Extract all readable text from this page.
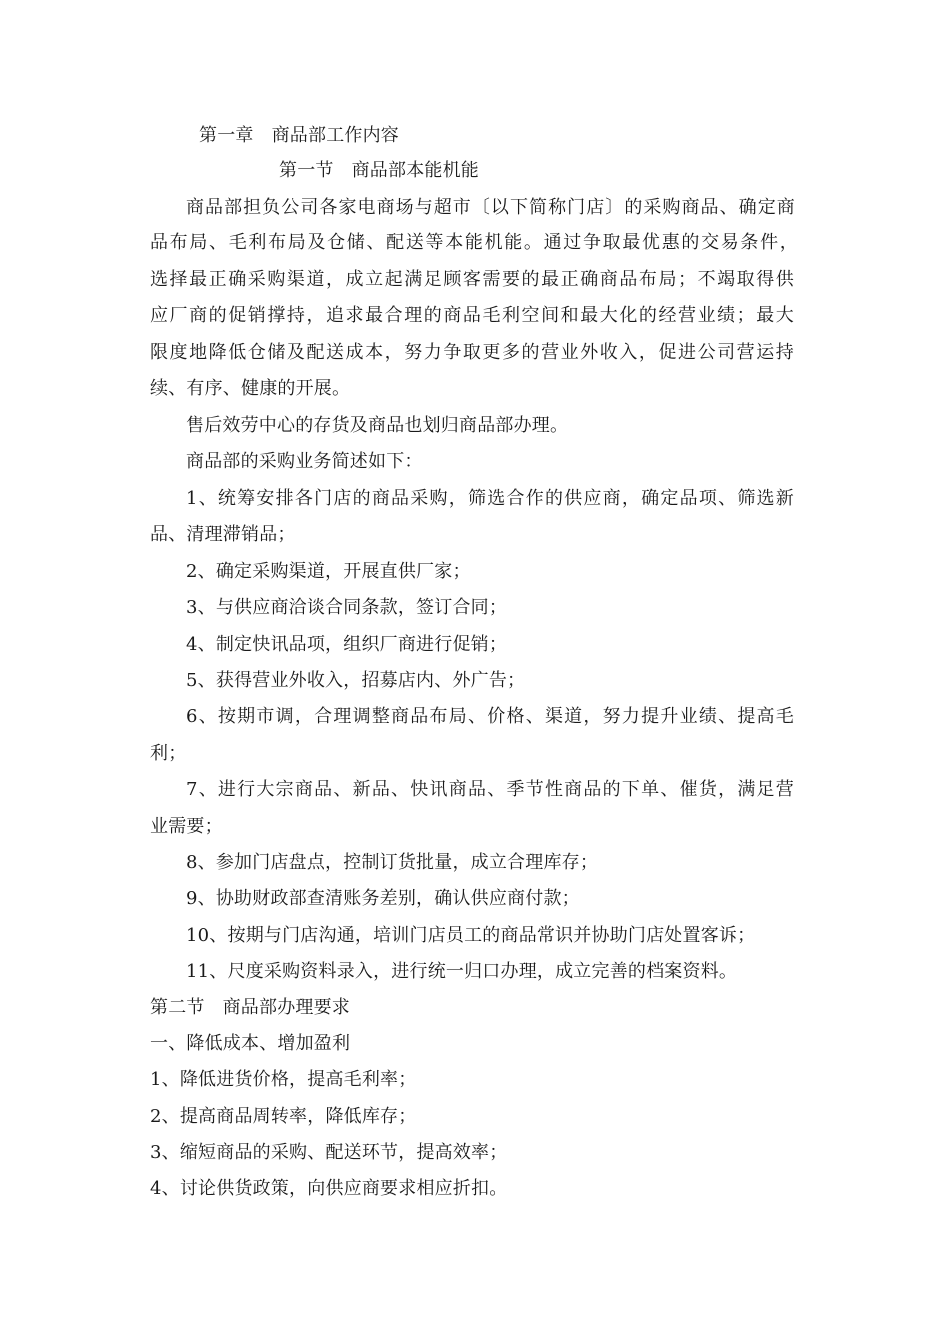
第一章 商品部工作内容
第一节 商品部本能机能
商品部担负公司各家电商场与超市〔以下简称门店〕的采购商品、确定商
品布局、毛利布局及仓储、配送等本能机能。通过争取最优惠的交易条件，
选择最正确采购渠道，成立起满足顾客需要的最正确商品布局；不竭取得供
应厂商的促销撑持，追求最合理的商品毛利空间和最大化的经营业绩；最大
限度地降低仓储及配送成本，努力争取更多的营业外收入，促进公司营运持
续、有序、健康的开展。
售后效劳中心的存货及商品也划归商品部办理。
商品部的采购业务简述如下：
1、统筹安排各门店的商品采购，筛选合作的供应商，确定品项、筛选新
品、清理滞销品；
2、确定采购渠道，开展直供厂家；
3、与供应商洽谈合同条款，签订合同；
4、制定快讯品项，组织厂商进行促销；
5、获得营业外收入，招募店内、外广告；
6、按期市调，合理调整商品布局、价格、渠道，努力提升业绩、提高毛
利；
7、进行大宗商品、新品、快讯商品、季节性商品的下单、催货，满足营
业需要；
8、参加门店盘点，控制订货批量，成立合理库存；
9、协助财政部查清账务差别，确认供应商付款；
10、按期与门店沟通，培训门店员工的商品常识并协助门店处置客诉；
11、尺度采购资料录入，进行统一归口办理，成立完善的档案资料。
第二节 商品部办理要求
一、降低成本、增加盈利
1、降低进货价格，提高毛利率；
2、提高商品周转率，降低库存；
3、缩短商品的采购、配送环节，提高效率；
4、讨论供货政策，向供应商要求相应折扣。
